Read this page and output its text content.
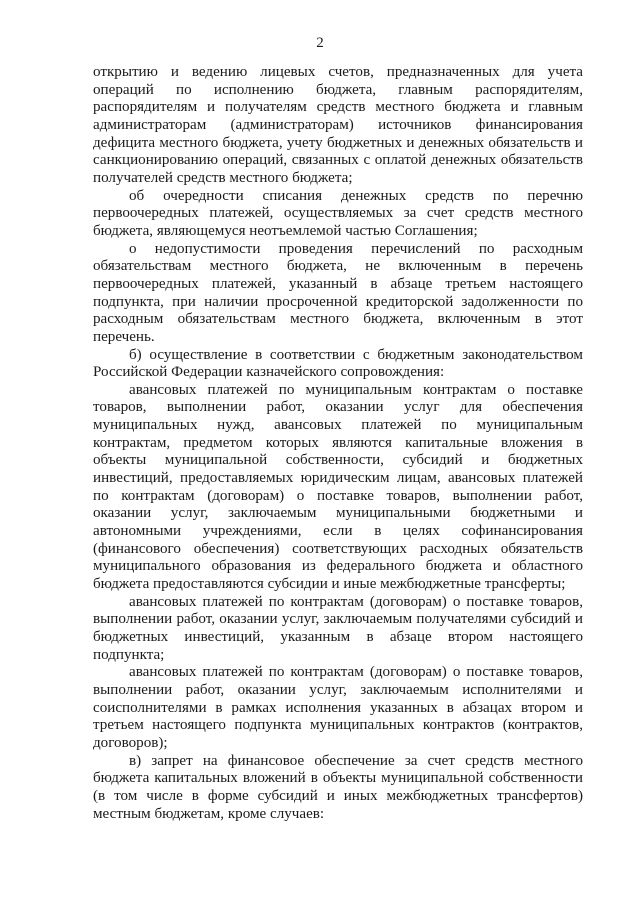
2

открытию и ведению лицевых счетов, предназначенных для учета операций по исполнению бюджета, главным распорядителям, распорядителям и получателям средств местного бюджета и главным администраторам (администраторам) источников финансирования дефицита местного бюджета, учету бюджетных и денежных обязательств и санкционированию операций, связанных с оплатой денежных обязательств получателей средств местного бюджета;

об очередности списания денежных средств по перечню первоочередных платежей, осуществляемых за счет средств местного бюджета, являющемуся неотъемлемой частью Соглашения;

о недопустимости проведения перечислений по расходным обязательствам местного бюджета, не включенным в перечень первоочередных платежей, указанный в абзаце третьем настоящего подпункта, при наличии просроченной кредиторской задолженности по расходным обязательствам местного бюджета, включенным в этот перечень.

б) осуществление в соответствии с бюджетным законодательством Российской Федерации казначейского сопровождения:

авансовых платежей по муниципальным контрактам о поставке товаров, выполнении работ, оказании услуг для обеспечения муниципальных нужд, авансовых платежей по муниципальным контрактам, предметом которых являются капитальные вложения в объекты муниципальной собственности, субсидий и бюджетных инвестиций, предоставляемых юридическим лицам, авансовых платежей по контрактам (договорам) о поставке товаров, выполнении работ, оказании услуг, заключаемым муниципальными бюджетными и автономными учреждениями, если в целях софинансирования (финансового обеспечения) соответствующих расходных обязательств муниципального образования из федерального бюджета и областного бюджета предоставляются субсидии и иные межбюджетные трансферты;

авансовых платежей по контрактам (договорам) о поставке товаров, выполнении работ, оказании услуг, заключаемым получателями субсидий и бюджетных инвестиций, указанным в абзаце втором настоящего подпункта;

авансовых платежей по контрактам (договорам) о поставке товаров, выполнении работ, оказании услуг, заключаемым исполнителями и соисполнителями в рамках исполнения указанных в абзацах втором и третьем настоящего подпункта муниципальных контрактов (контрактов, договоров);

в) запрет на финансовое обеспечение за счет средств местного бюджета капитальных вложений в объекты муниципальной собственности (в том числе в форме субсидий и иных межбюджетных трансфертов) местным бюджетам, кроме случаев:
